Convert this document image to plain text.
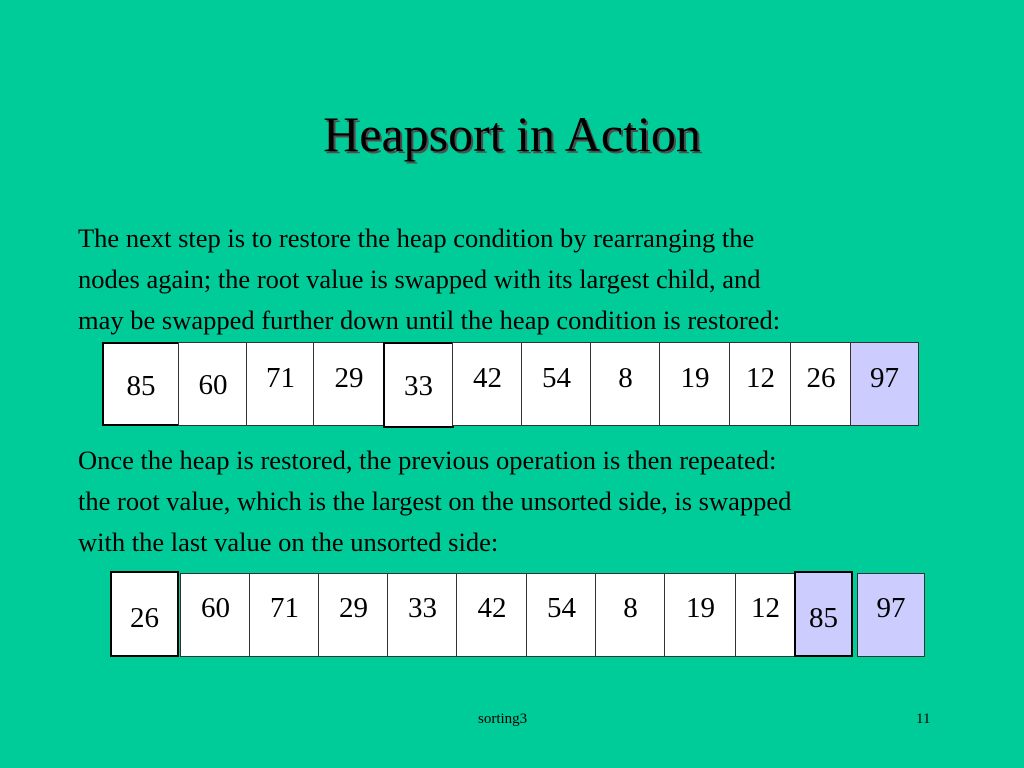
Heapsort in Action

The next step is to restore the heap condition by rearranging the

nodes again; the root value is swapped with its largest child, and

may be swapped further down until the heap condition is restored:

85	60	71	29	33	42	54	8	19	12	26	97

Once the heap is restored, the previous operation is then repeated:

the root value, which is the largest on the unsorted side, is swapped

with the last value on the unsorted side:

26	60	71	29	33	42	54	8	19	12	85	97
sorting3	11
